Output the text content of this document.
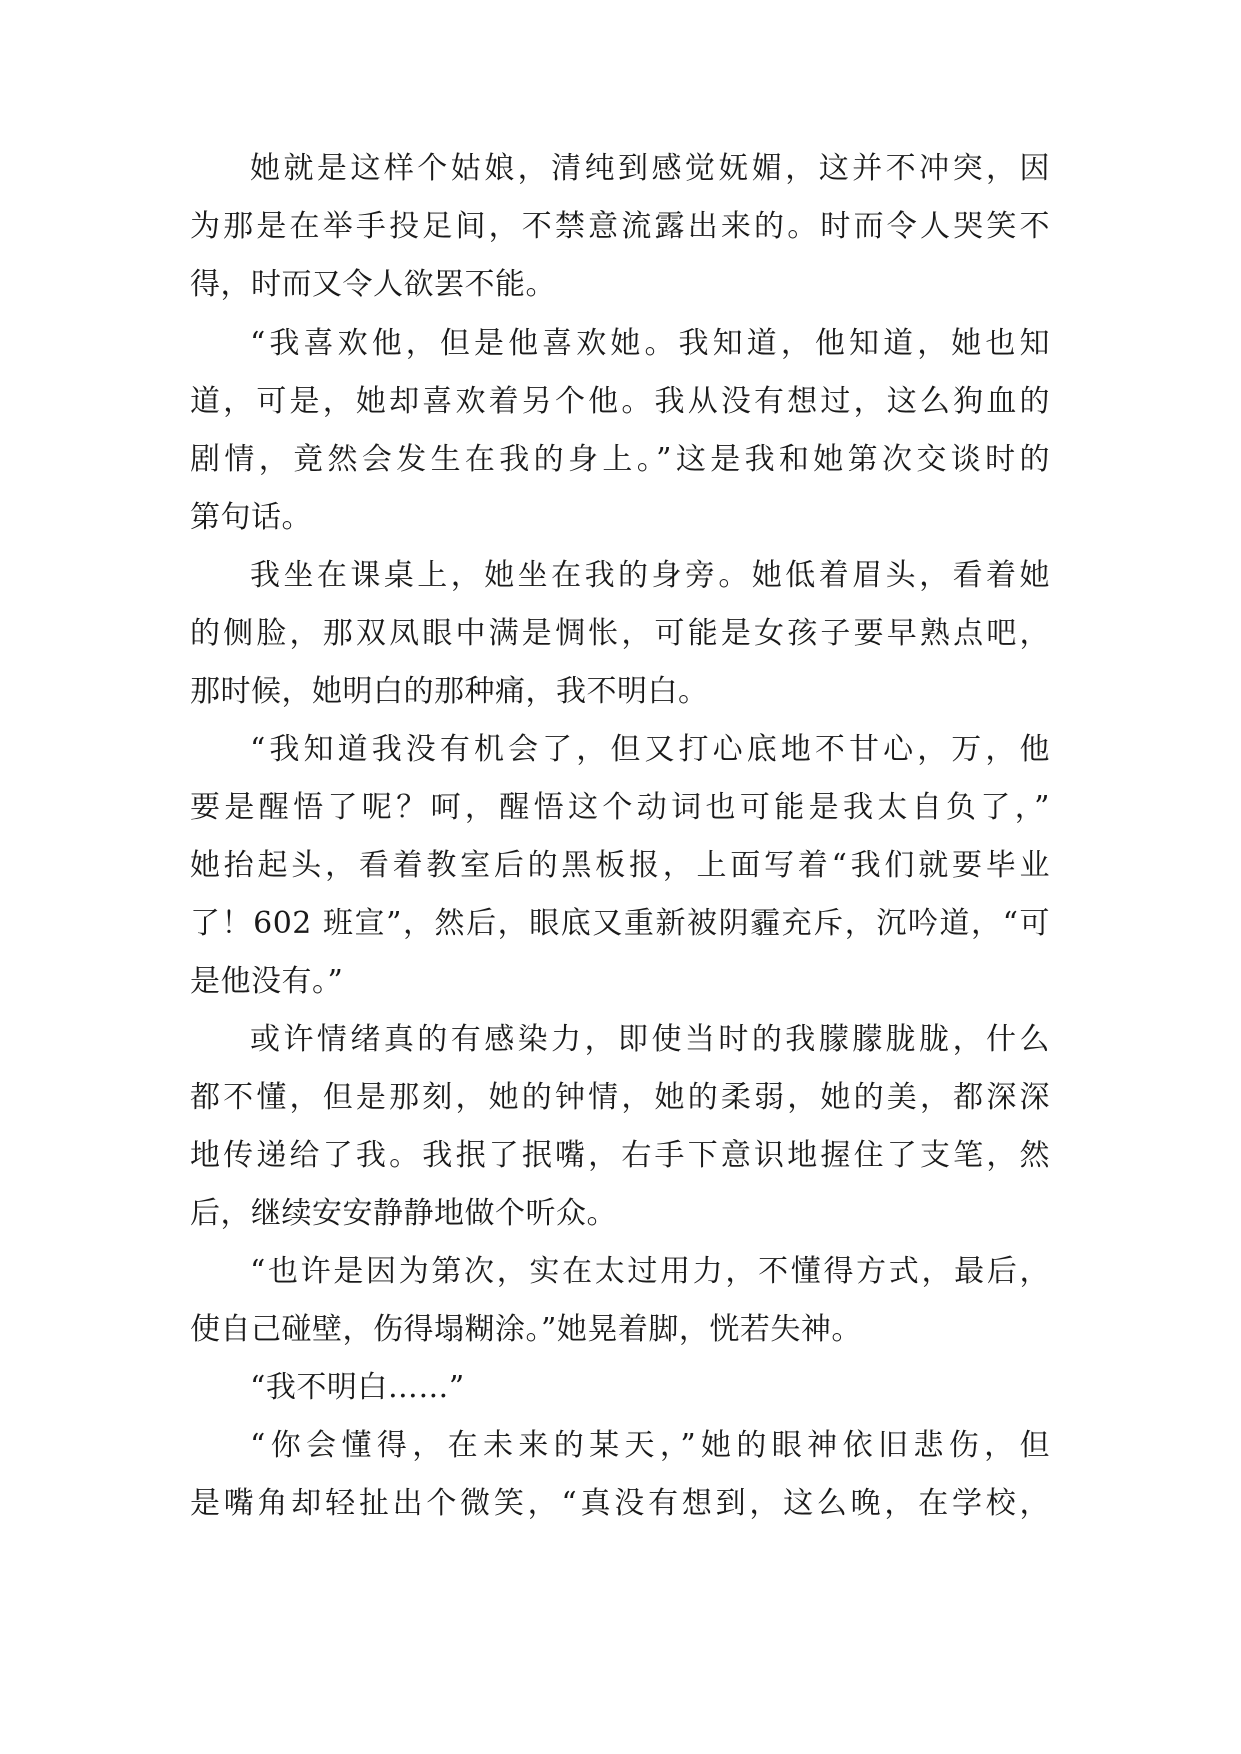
她就是这样个姑娘，清纯到感觉妩媚，这并不冲突，因

为那是在举手投足间，不禁意流露出来的。时而令人哭笑不

得，时而又令人欲罢不能。

“我喜欢他，但是他喜欢她。我知道，他知道，她也知

道，可是，她却喜欢着另个他。我从没有想过，这么狗血的

剧情，竟然会发生在我的身上。”这是我和她第次交谈时的

第句话。

我坐在课桌上，她坐在我的身旁。她低着眉头，看着她

的侧脸，那双凤眼中满是惆怅，可能是女孩子要早熟点吧，

那时候，她明白的那种痛，我不明白。

“我知道我没有机会了，但又打心底地不甘心，万，他

要是醒悟了呢？呵，醒悟这个动词也可能是我太自负了，”

她抬起头，看着教室后的黑板报，上面写着“我们就要毕业

了！602 班宣”，然后，眼底又重新被阴霾充斥，沉吟道，“可

是他没有。”

或许情绪真的有感染力，即使当时的我朦朦胧胧，什么

都不懂，但是那刻，她的钟情，她的柔弱，她的美，都深深

地传递给了我。我抿了抿嘴，右手下意识地握住了支笔，然

后，继续安安静静地做个听众。

“也许是因为第次，实在太过用力，不懂得方式，最后，

使自己碰壁，伤得塌糊涂。”她晃着脚，恍若失神。

“我不明白……”

“你会懂得，在未来的某天，”她的眼神依旧悲伤，但

是嘴角却轻扯出个微笑，“真没有想到，这么晚，在学校，
